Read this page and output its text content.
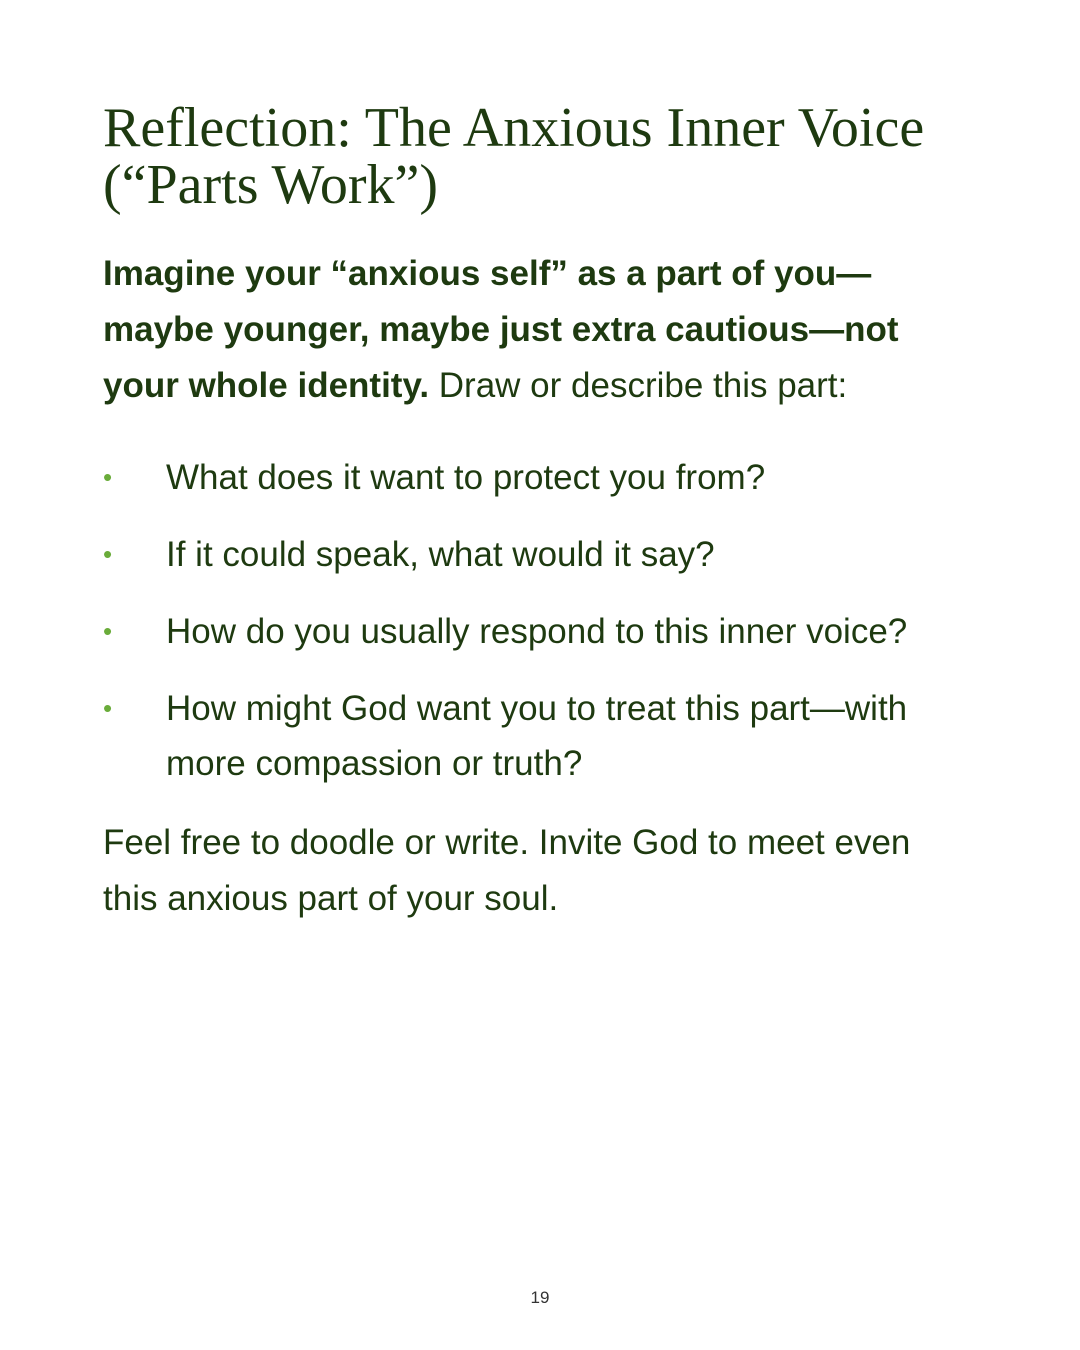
Reflection: The Anxious Inner Voice (“Parts Work”)

Imagine your “anxious self” as a part of you—maybe younger, maybe just extra cautious—not your whole identity. Draw or describe this part:

• What does it want to protect you from?
• If it could speak, what would it say?
• How do you usually respond to this inner voice?
• How might God want you to treat this part—with more compassion or truth?

Feel free to doodle or write. Invite God to meet even this anxious part of your soul.

19
